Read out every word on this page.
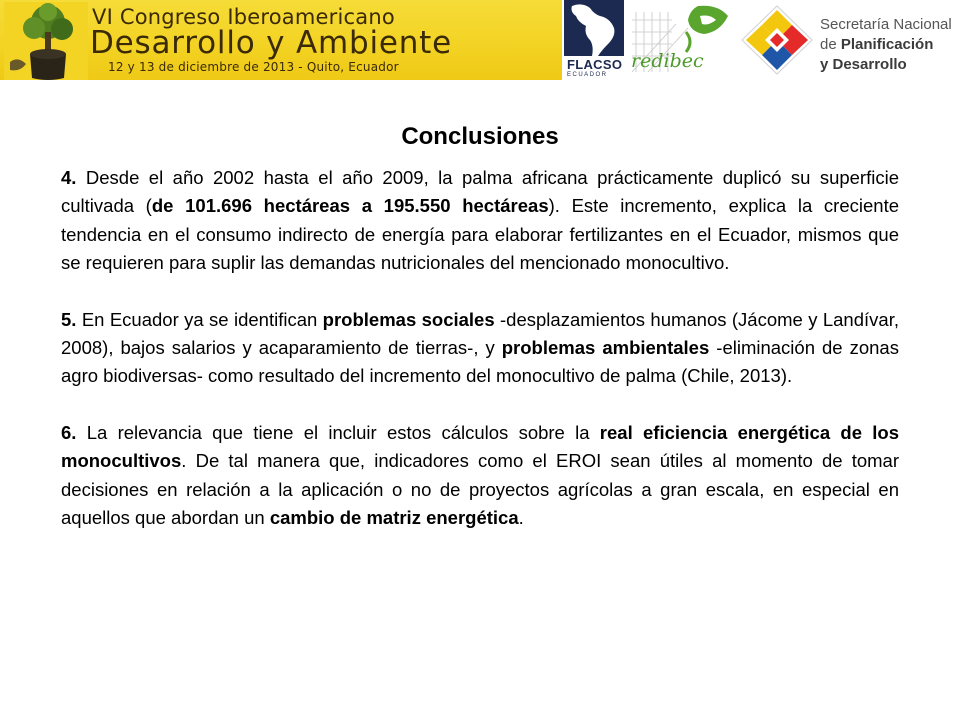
VI Congreso Iberoamericano
Desarrollo y Ambiente
12 y 13 de diciembre de 2013 - Quito, Ecuador	FLACSO
ECUADOR
redibec
Secretaría Nacional
de Planificación
y Desarrollo
Conclusiones

4. Desde el año 2002 hasta el año 2009, la palma africana prácticamente duplicó su superficie cultivada (de 101.696 hectáreas a 195.550 hectáreas). Este incremento, explica la creciente tendencia en el consumo indirecto de energía para elaborar fertilizantes en el Ecuador, mismos que se requieren para suplir las demandas nutricionales del mencionado monocultivo.

5. En Ecuador ya se identifican problemas sociales -desplazamientos humanos (Jácome y Landívar, 2008), bajos salarios y acaparamiento de tierras-, y problemas ambientales -eliminación de zonas agro biodiversas- como resultado del incremento del monocultivo de palma (Chile, 2013).

6. La relevancia que tiene el incluir estos cálculos sobre la real eficiencia energética de los monocultivos. De tal manera que, indicadores como el EROI sean útiles al momento de tomar decisiones en relación a la aplicación o no de proyectos agrícolas a gran escala, en especial en aquellos que abordan un cambio de matriz energética.
